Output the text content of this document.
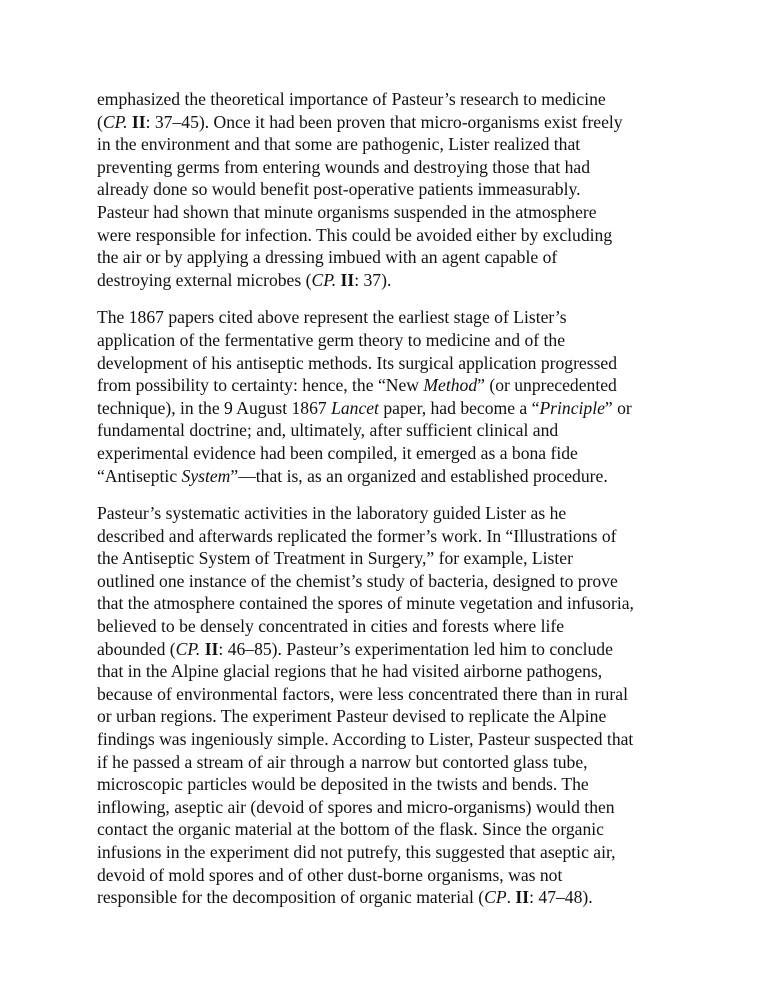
emphasized the theoretical importance of Pasteur’s research to medicine
(CP. II: 37–45). Once it had been proven that micro-organisms exist freely
in the environment and that some are pathogenic, Lister realized that
preventing germs from entering wounds and destroying those that had
already done so would benefit post-operative patients immeasurably.
Pasteur had shown that minute organisms suspended in the atmosphere
were responsible for infection. This could be avoided either by excluding
the air or by applying a dressing imbued with an agent capable of
destroying external microbes (CP. II: 37).
The 1867 papers cited above represent the earliest stage of Lister’s
application of the fermentative germ theory to medicine and of the
development of his antiseptic methods. Its surgical application progressed
from possibility to certainty: hence, the “New Method” (or unprecedented
technique), in the 9 August 1867 Lancet paper, had become a “Principle” or
fundamental doctrine; and, ultimately, after sufficient clinical and
experimental evidence had been compiled, it emerged as a bona fide
“Antiseptic System”—that is, as an organized and established procedure.
Pasteur’s systematic activities in the laboratory guided Lister as he
described and afterwards replicated the former’s work. In “Illustrations of
the Antiseptic System of Treatment in Surgery,” for example, Lister
outlined one instance of the chemist’s study of bacteria, designed to prove
that the atmosphere contained the spores of minute vegetation and infusoria,
believed to be densely concentrated in cities and forests where life
abounded (CP. II: 46–85). Pasteur’s experimentation led him to conclude
that in the Alpine glacial regions that he had visited airborne pathogens,
because of environmental factors, were less concentrated there than in rural
or urban regions. The experiment Pasteur devised to replicate the Alpine
findings was ingeniously simple. According to Lister, Pasteur suspected that
if he passed a stream of air through a narrow but contorted glass tube,
microscopic particles would be deposited in the twists and bends. The
inflowing, aseptic air (devoid of spores and micro-organisms) would then
contact the organic material at the bottom of the flask. Since the organic
infusions in the experiment did not putrefy, this suggested that aseptic air,
devoid of mold spores and of other dust-borne organisms, was not
responsible for the decomposition of organic material (CP. II: 47–48).
